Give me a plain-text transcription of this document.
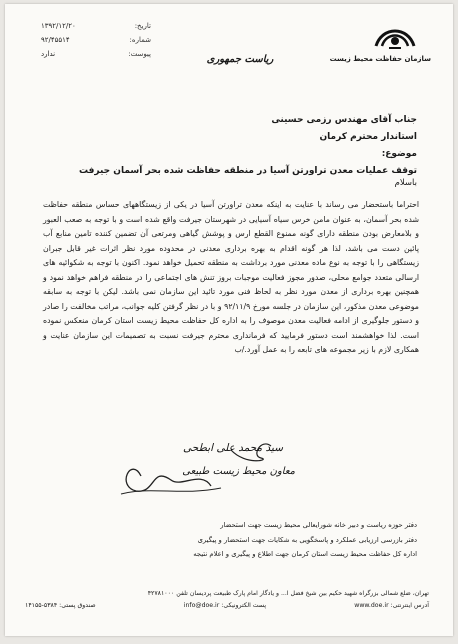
سازمان حفاظت محیط زیست
ریاست جمهوری
تاریخ:
۱۳۹۲/۱۲/۲۰
شماره:
۹۲/۴۵۵۱۴
پیوست:
ندارد
جناب آقای مهندس رزمی حسینی
استاندار محترم کرمان
موضوع: توقف عملیات معدن تراورتن آسیا در منطقه حفاظت شده بحر آسمان جیرفت
باسلام
احتراما باستحضار می رساند با عنایت به اینکه معدن تراورتن آسیا در یکی از زیستگاههای حساس منطقه حفاظت شده بحر آسمان، به عنوان مامن خرس سیاه آسیایی در شهرستان جیرفت واقع شده است و با توجه به صعب العبور و بلامعارض بودن منطقه دارای گونه ممنوع القطع ارس و پوشش گیاهی ومرتعی آن تضمین کننده تامین منابع آب پائین دست می باشد، لذا هر گونه اقدام به بهره برداری معدنی در محدوده مورد نظر اثرات غیر قابل جبران زیستگاهی را با توجه به نوع ماده معدنی مورد برداشت به منطقه تحمیل خواهد نمود. اکنون با توجه به شکوائیه های ارسالی متعدد جوامع محلی، صدور مجوز فعالیت موجبات بروز تنش های اجتماعی را در منطقه فراهم خواهد نمود و همچنین بهره برداری از معدن مورد نظر به لحاظ فنی مورد تائید این سازمان نمی باشد. لیکن با توجه به سابقه موضوعی معدن مذکور، این سازمان در جلسه مورخ ۹۲/۱۱/۹ و با در نظر گرفتن کلیه جوانب، مراتب مخالفت را صادر و دستور جلوگیری از ادامه فعالیت معدن موصوف را به اداره کل حفاظت محیط زیست استان کرمان منعکس نموده است. لذا خواهشمند است دستور فرمایید که فرمانداری محترم جیرفت نسبت به تصمیمات این سازمان عنایت و همکاری لازم با زیر مجموعه های تابعه را به عمل آورد./ب
سید محمد علی ابطحی
معاون محیط زیست طبیعی
دفتر حوزه ریاست و دبیر خانه شورایعالی محیط زیست جهت استحضار
دفتر بازرسی ارزیابی عملکرد و پاسخگویی به شکایات جهت استحضار و پیگیری
اداره کل حفاظت محیط زیست استان کرمان جهت اطلاع و پیگیری و اعلام نتیجه
تهران، ضلع شمالی بزرگراه شهید حکیم بین شیخ فضل ا... و یادگار امام پارک طبیعت پردیسان تلفن ۴۲۷۸۱۰۰۰
آدرس اینترنتی: www.doe.ir
پست الکترونیکی: info@doe.ir
صندوق پستی: ۵۳۸۴-۱۴۱۵۵
